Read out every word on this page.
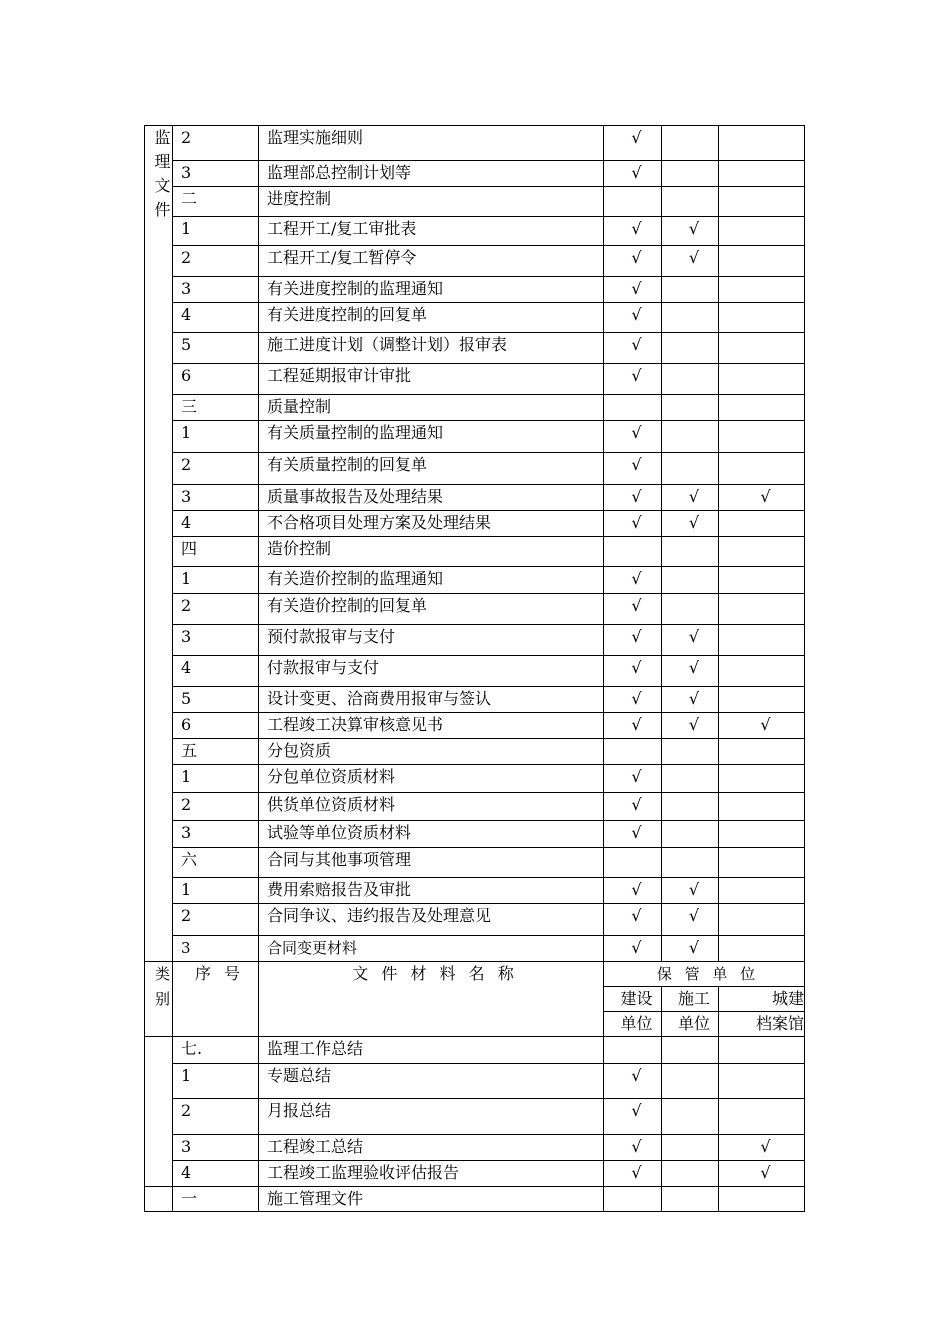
监
理
文
件	2	监理实施细则	√		
	3	监理部总控制计划等	√		
	二	进度控制			
	1	工程开工/复工审批表	√	√	
	2	工程开工/复工暂停令	√	√	
	3	有关进度控制的监理通知	√		
	4	有关进度控制的回复单	√		
	5	施工进度计划（调整计划）报审表	√		
	6	工程延期报审计审批	√		
	三	质量控制			
	1	有关质量控制的监理通知	√		
	2	有关质量控制的回复单	√		
	3	质量事故报告及处理结果	√	√	√
	4	不合格项目处理方案及处理结果	√	√	
	四	造价控制			
	1	有关造价控制的监理通知	√		
	2	有关造价控制的回复单	√		
	3	预付款报审与支付	√	√	
	4	付款报审与支付	√	√	
	5	设计变更、洽商费用报审与签认	√	√	
	6	工程竣工决算审核意见书	√	√	√
	五	分包资质			
	1	分包单位资质材料	√		
	2	供货单位资质材料	√		
	3	试验等单位资质材料	√		
	六	合同与其他事项管理			
	1	费用索赔报告及审批	√	√	
	2	合同争议、违约报告及处理意见	√	√	
	3	合同变更材料	√	√	
类
别	序 号	文 件 材 料 名 称	保 管 单 位		
			建设	施工	城建
			单位	单位	档案馆
	七.	监理工作总结			
	1	专题总结	√		
	2	月报总结	√		
	3	工程竣工总结	√		√
	4	工程竣工监理验收评估报告	√		√
	一	施工管理文件			
